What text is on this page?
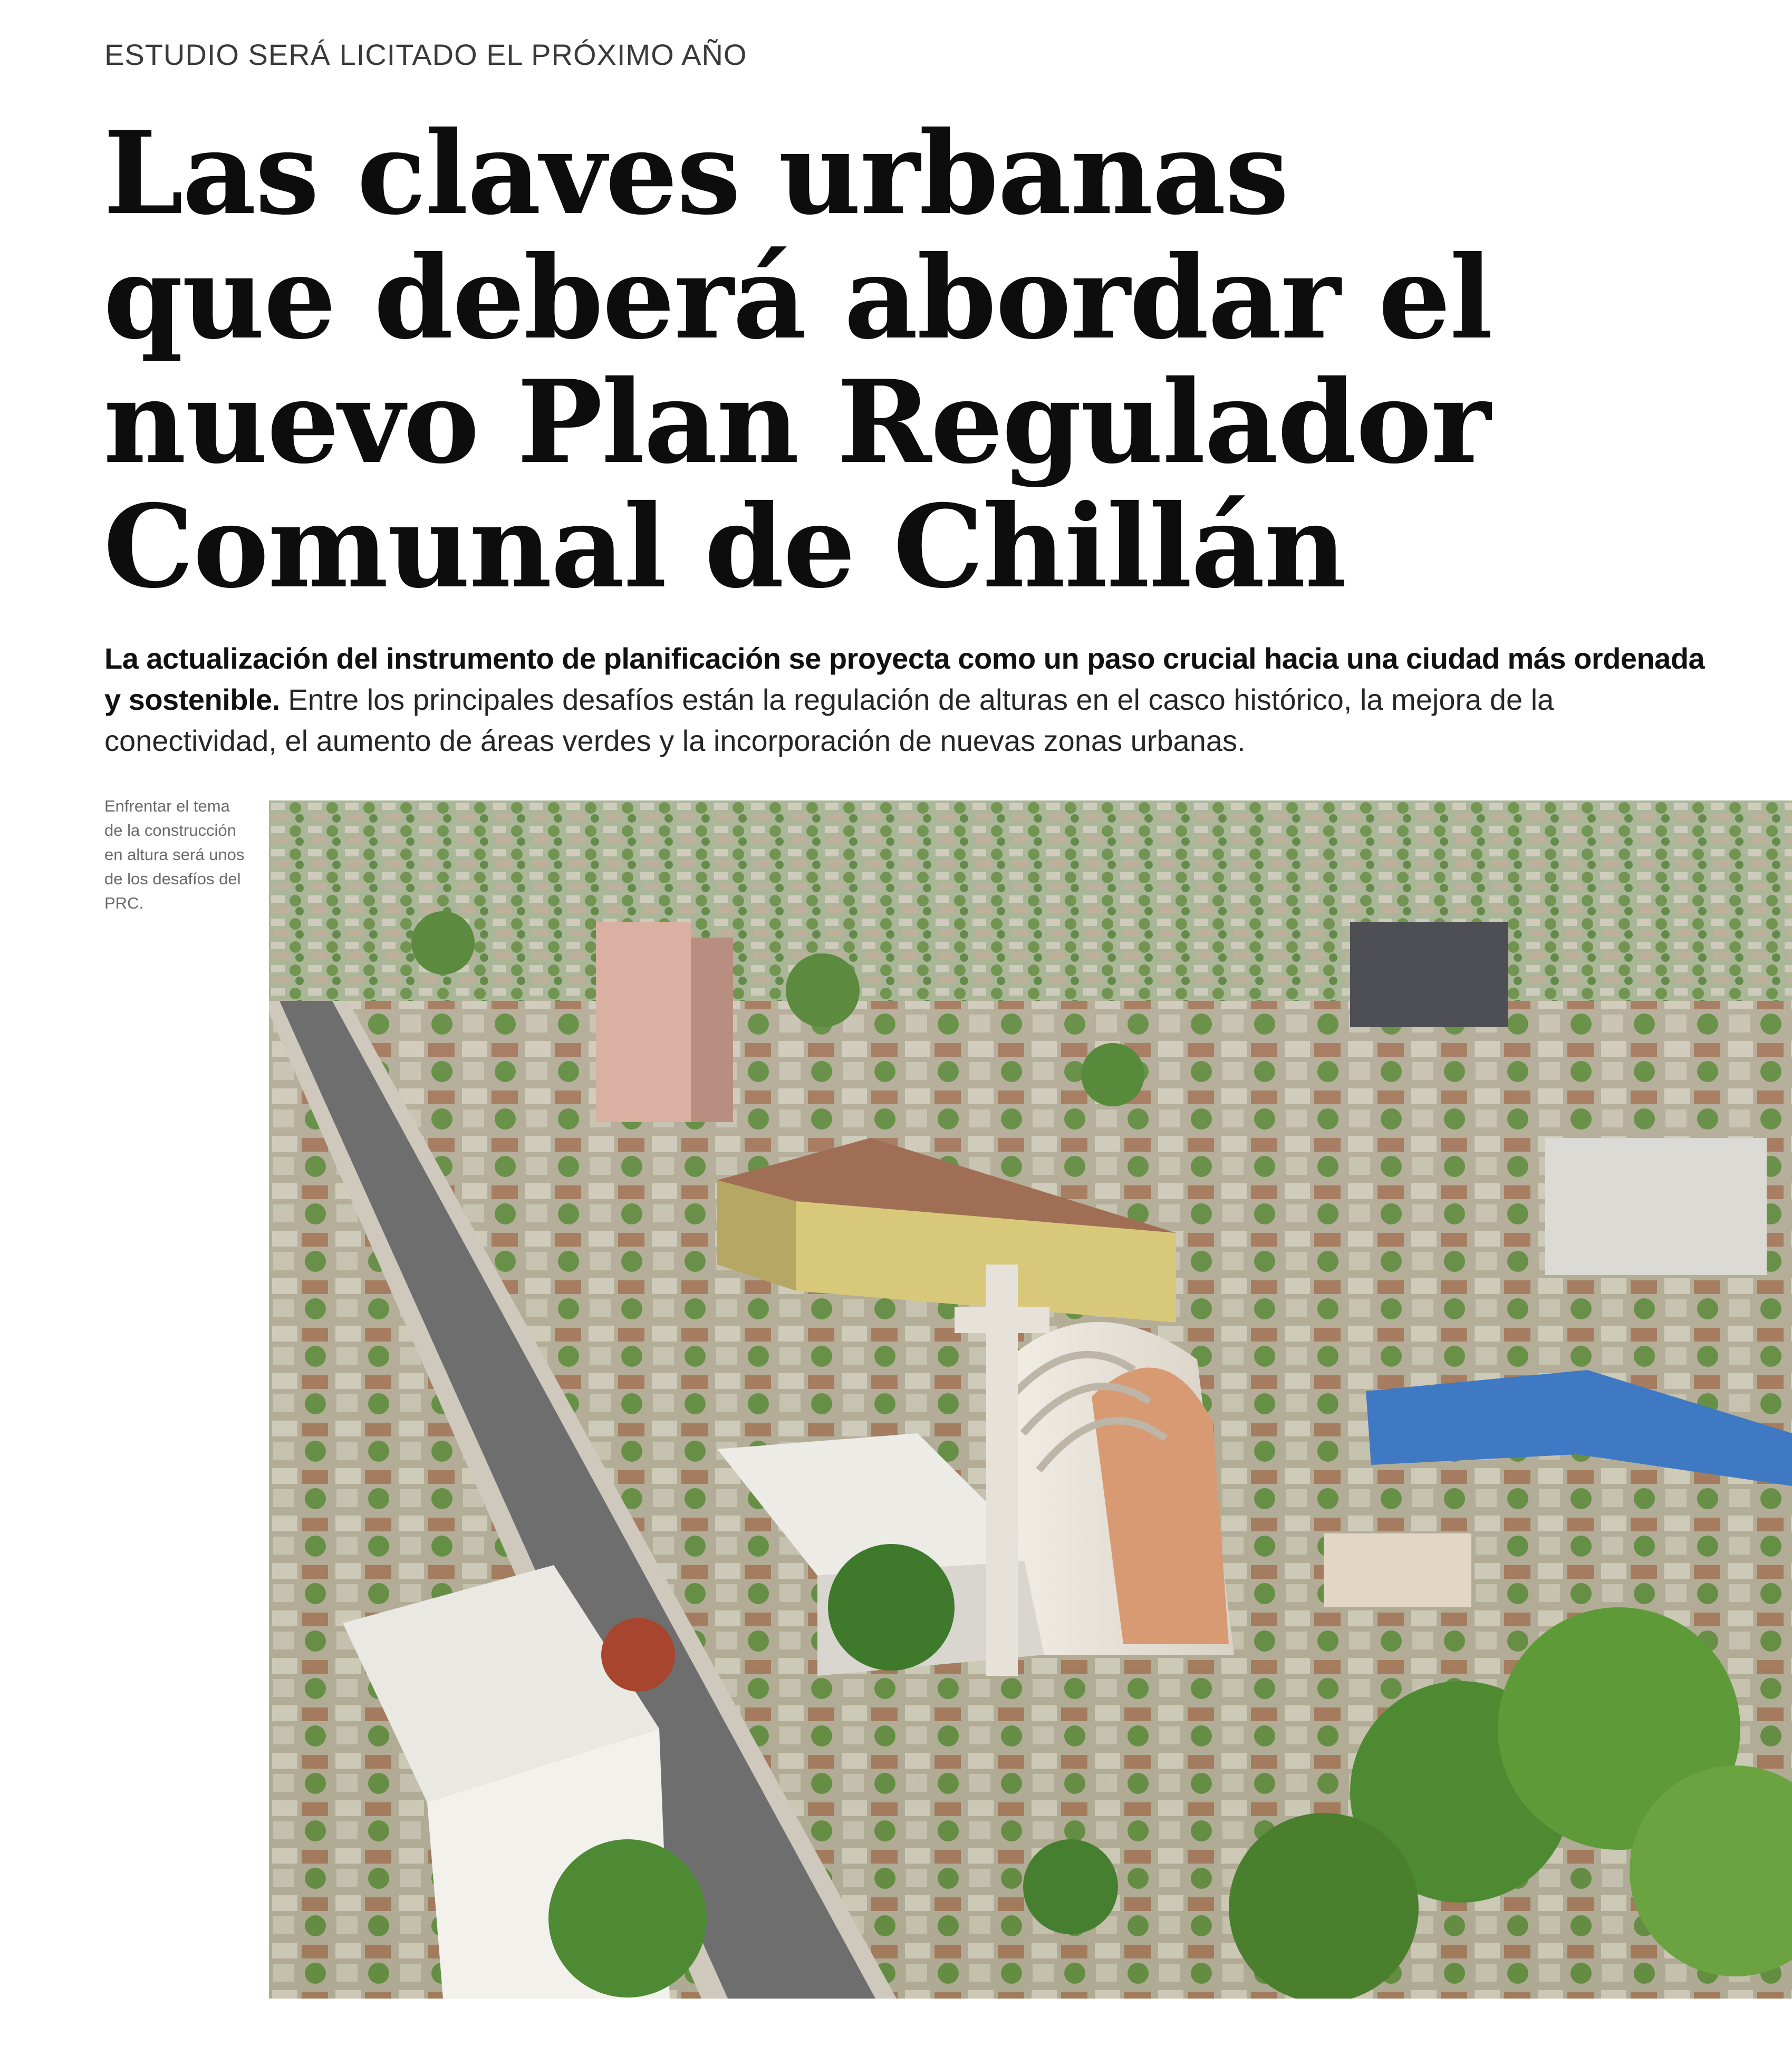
ESTUDIO SERÁ LICITADO EL PRÓXIMO AÑO
Las claves urbanas
que deberá abordar el
nuevo Plan Regulador
Comunal de Chillán
La actualización del instrumento de planificación se proyecta como un paso crucial hacia una ciudad más ordenada y sostenible. Entre los principales desafíos están la regulación de alturas en el casco histórico, la mejora de la conectividad, el aumento de áreas verdes y la incorporación de nuevas zonas urbanas.
Enfrentar el tema de la construcción en altura será unos de los desafíos del PRC.
